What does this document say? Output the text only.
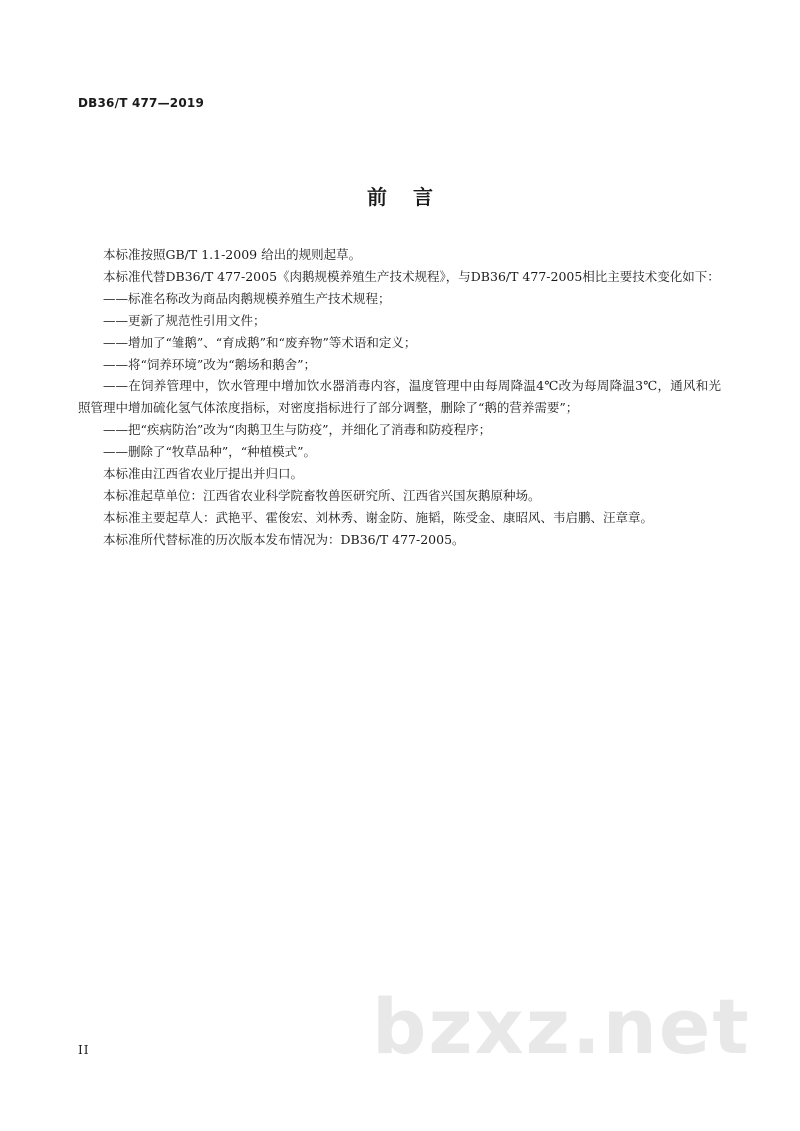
DB36/T 477—2019
前言

本标准按照GB/T 1.1-2009 给出的规则起草。

本标准代替DB36/T 477-2005《肉鹅规模养殖生产技术规程》，与DB36/T 477-2005相比主要技术变化如下：

——标准名称改为商品肉鹅规模养殖生产技术规程；

——更新了规范性引用文件；

——增加了“雏鹅”、“育成鹅”和“废弃物”等术语和定义；

——将“饲养环境”改为“鹅场和鹅舍”；

——在饲养管理中，饮水管理中增加饮水器消毒内容，温度管理中由每周降温4℃改为每周降温3℃，通风和光照管理中增加硫化氢气体浓度指标，对密度指标进行了部分调整，删除了“鹅的营养需要”；

——把“疾病防治”改为“肉鹅卫生与防疫”，并细化了消毒和防疫程序；

——删除了“牧草品种”，“种植模式”。

本标准由江西省农业厅提出并归口。

本标准起草单位：江西省农业科学院畜牧兽医研究所、江西省兴国灰鹅原种场。

本标准主要起草人：武艳平、霍俊宏、刘林秀、谢金防、施韬，陈受金、康昭风、韦启鹏、汪章章。

本标准所代替标准的历次版本发布情况为：DB36/T 477-2005。

bzxz.net
II
